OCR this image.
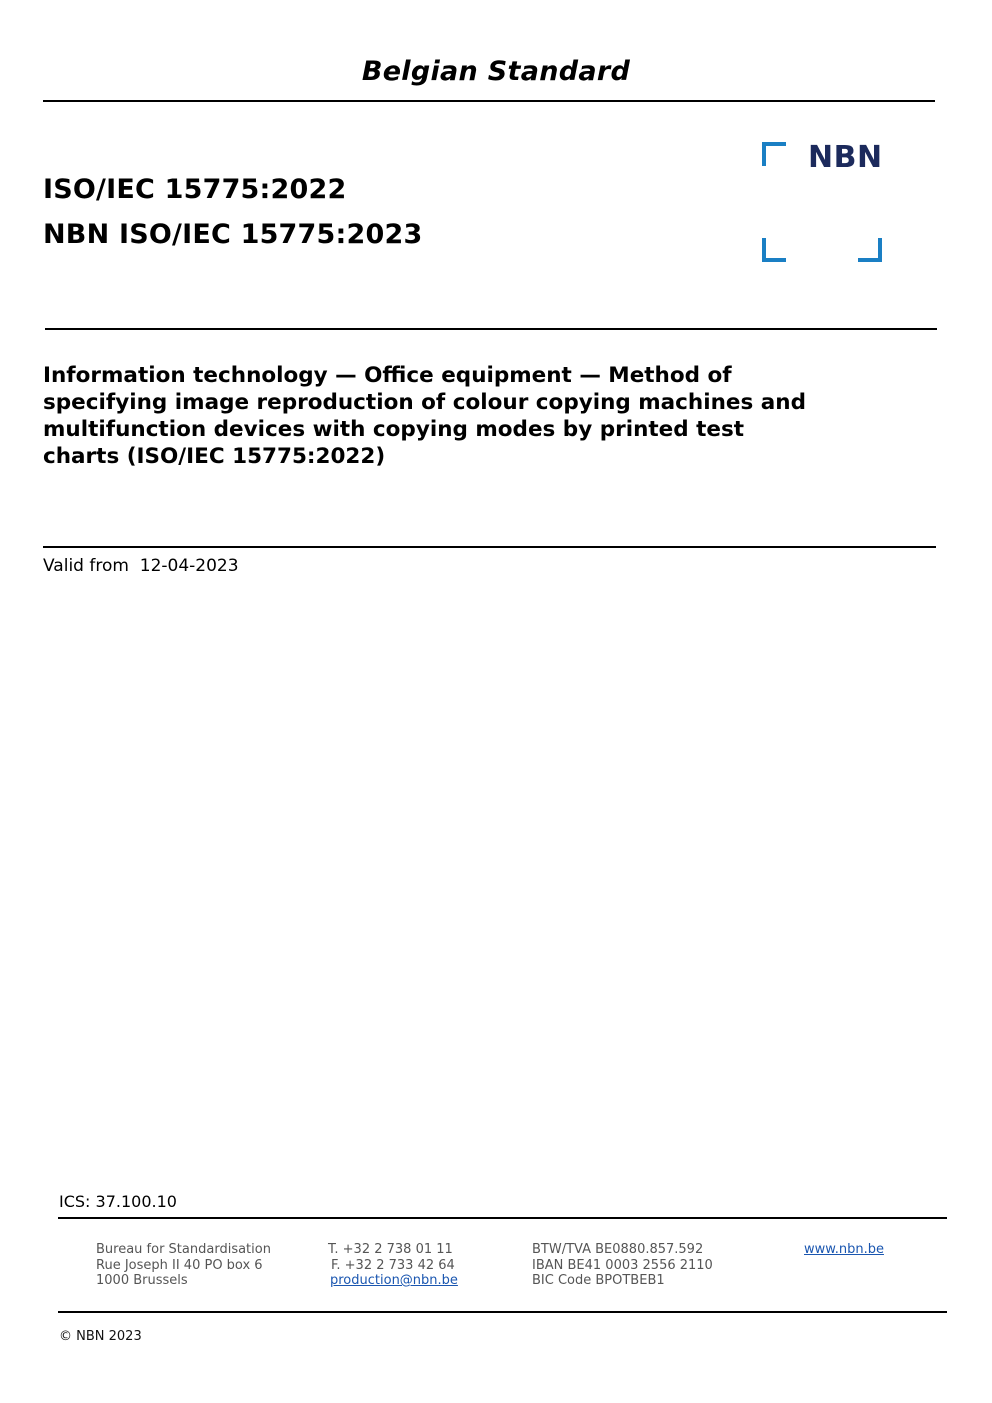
Belgian Standard
ISO/IEC 15775:2022
NBN ISO/IEC 15775:2023
NBN
Information technology — Office equipment — Method of
specifying image reproduction of colour copying machines and
multifunction devices with copying modes by printed test
charts (ISO/IEC 15775:2022)
Valid from 12-04-2023
ICS: 37.100.10
Bureau for Standardisation
Rue Joseph II 40 PO box 6
1000 Brussels
T. +32 2 738 01 11
F. +32 2 733 42 64
production@nbn.be
BTW/TVA BE0880.857.592
IBAN BE41 0003 2556 2110
BIC Code BPOTBEB1
www.nbn.be
© NBN 2023
